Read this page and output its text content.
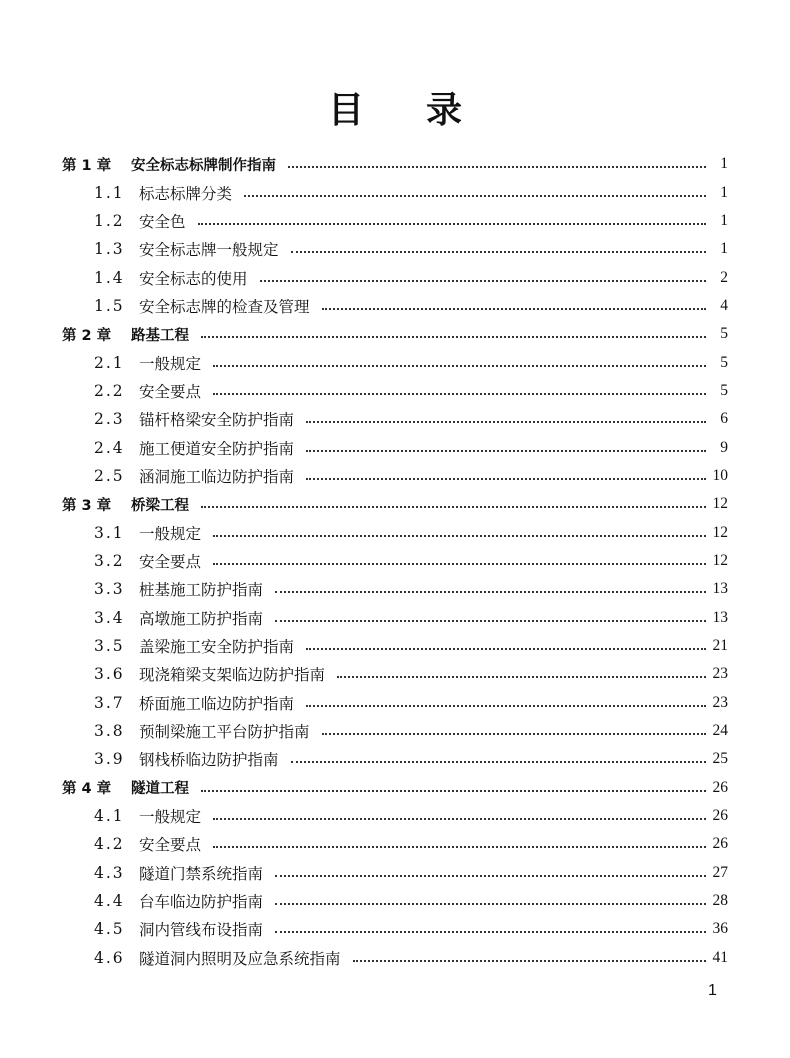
目 录
第 1 章	安全标志标牌制作指南	1
1.1 标志标牌分类	1
1.2 安全色	1
1.3 安全标志牌一般规定	1
1.4 安全标志的使用	2
1.5 安全标志牌的检查及管理	4
第 2 章	路基工程	5
2.1 一般规定	5
2.2 安全要点	5
2.3 锚杆格梁安全防护指南	6
2.4 施工便道安全防护指南	9
2.5 涵洞施工临边防护指南	10
第 3 章	桥梁工程	12
3.1 一般规定	12
3.2 安全要点	12
3.3 桩基施工防护指南	13
3.4 高墩施工防护指南	13
3.5 盖梁施工安全防护指南	21
3.6 现浇箱梁支架临边防护指南	23
3.7 桥面施工临边防护指南	23
3.8 预制梁施工平台防护指南	24
3.9 钢栈桥临边防护指南	25
第 4 章	隧道工程	26
4.1 一般规定	26
4.2 安全要点	26
4.3 隧道门禁系统指南	27
4.4 台车临边防护指南	28
4.5 洞内管线布设指南	36
4.6 隧道洞内照明及应急系统指南	41
1
